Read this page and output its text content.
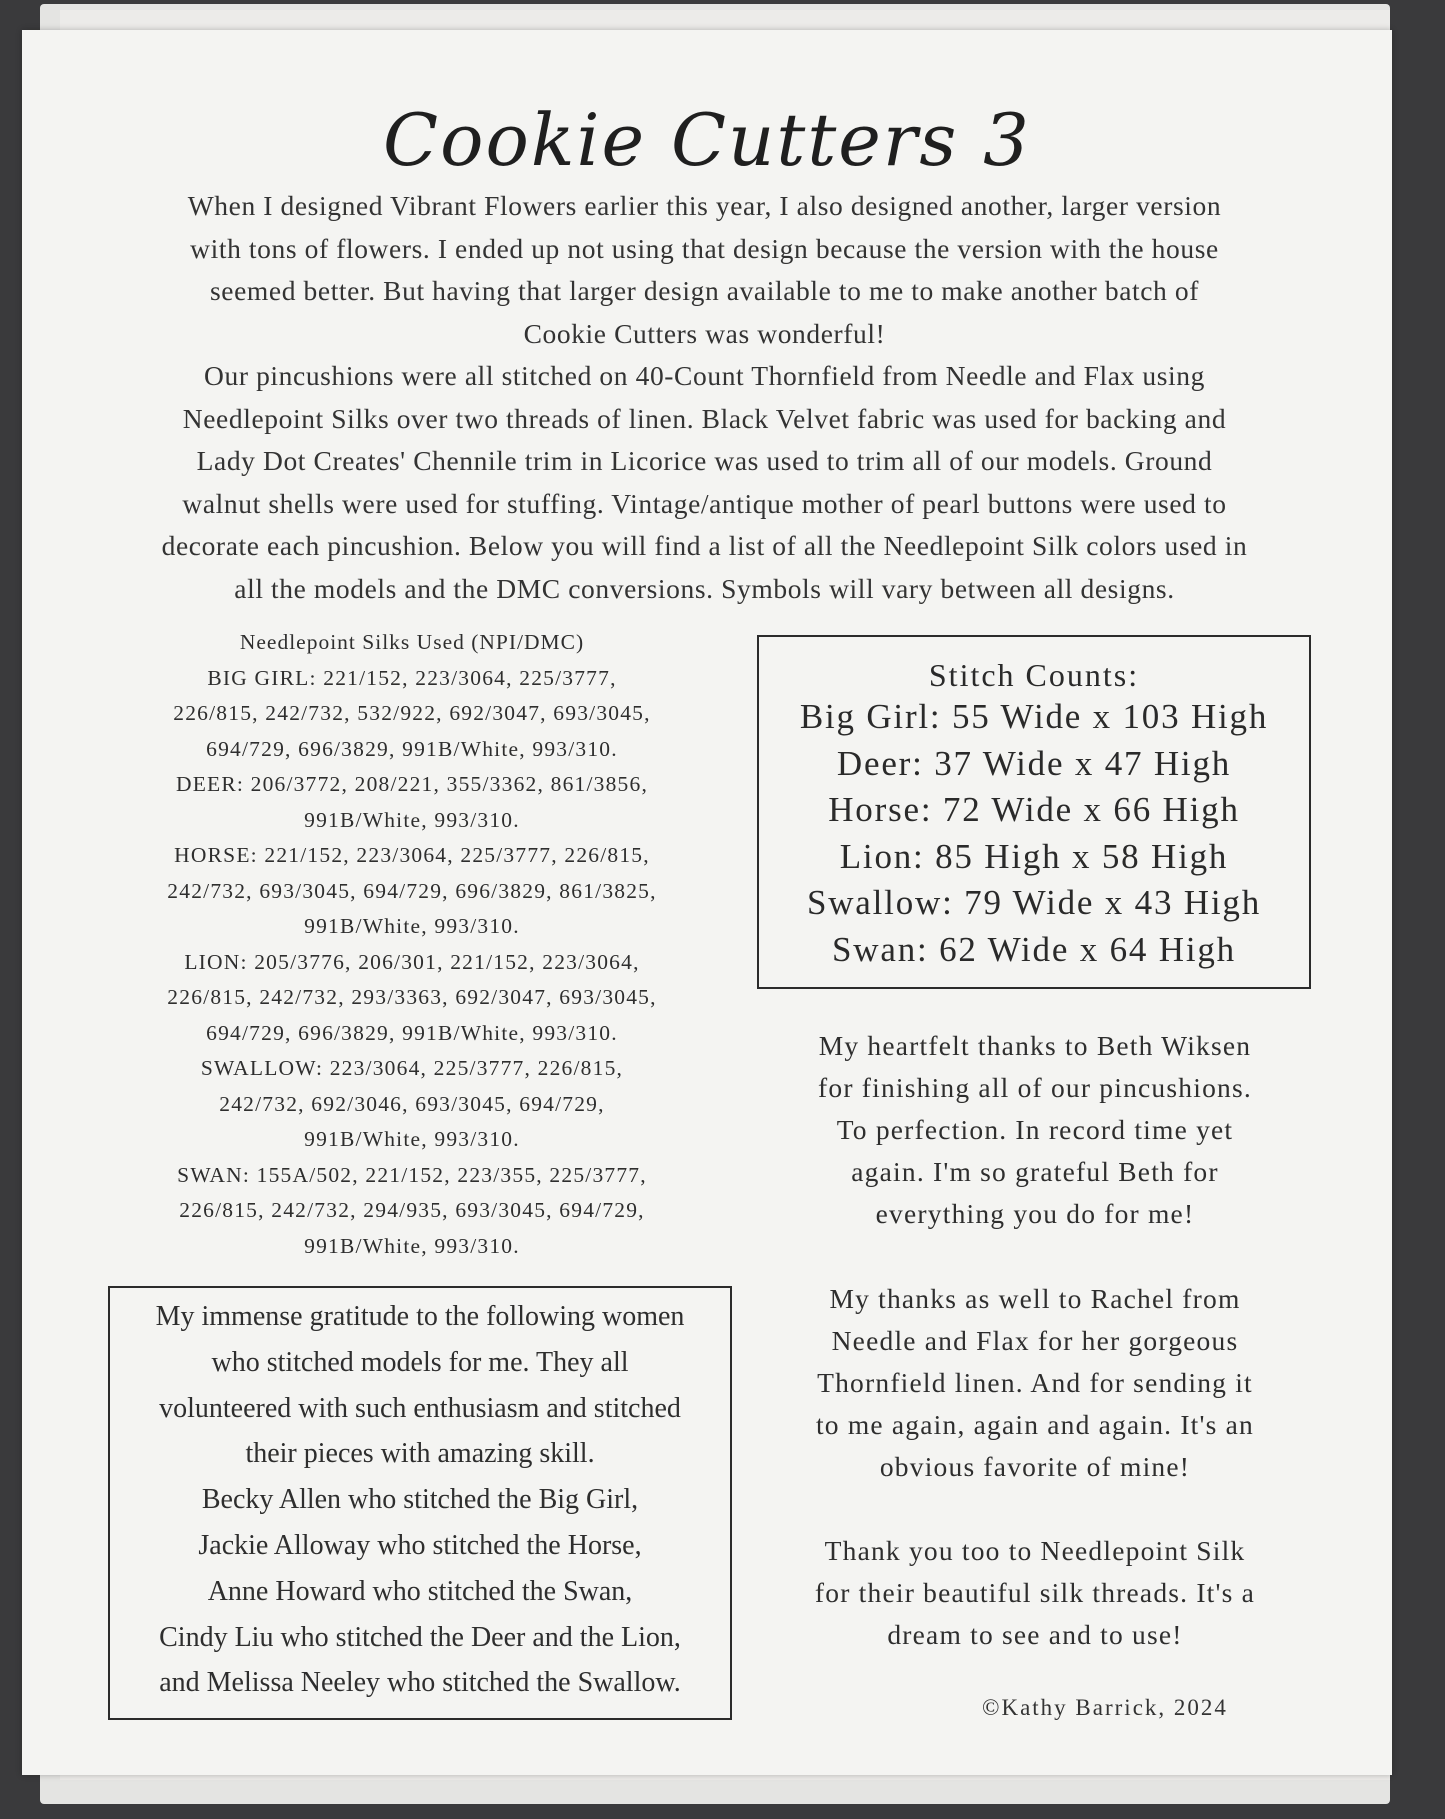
Cookie Cutters 3

When I designed Vibrant Flowers earlier this year, I also designed another, larger version

with tons of flowers. I ended up not using that design because the version with the house

seemed better. But having that larger design available to me to make another batch of

Cookie Cutters was wonderful!

Our pincushions were all stitched on 40-Count Thornfield from Needle and Flax using

Needlepoint Silks over two threads of linen. Black Velvet fabric was used for backing and

Lady Dot Creates' Chennile trim in Licorice was used to trim all of our models. Ground

walnut shells were used for stuffing. Vintage/antique mother of pearl buttons were used to

decorate each pincushion. Below you will find a list of all the Needlepoint Silk colors used in

all the models and the DMC conversions. Symbols will vary between all designs.

Needlepoint Silks Used (NPI/DMC)
BIG GIRL: 221/152, 223/3064, 225/3777,
226/815, 242/732, 532/922, 692/3047, 693/3045,
694/729, 696/3829, 991B/White, 993/310.
DEER: 206/3772, 208/221, 355/3362, 861/3856,
991B/White, 993/310.
HORSE: 221/152, 223/3064, 225/3777, 226/815,
242/732, 693/3045, 694/729, 696/3829, 861/3825,
991B/White, 993/310.
LION: 205/3776, 206/301, 221/152, 223/3064,
226/815, 242/732, 293/3363, 692/3047, 693/3045,
694/729, 696/3829, 991B/White, 993/310.
SWALLOW: 223/3064, 225/3777, 226/815,
242/732, 692/3046, 693/3045, 694/729,
991B/White, 993/310.
SWAN: 155A/502, 221/152, 223/355, 225/3777,
226/815, 242/732, 294/935, 693/3045, 694/729,
991B/White, 993/310.
Stitch Counts:
Big Girl: 55 Wide x 103 High
Deer: 37 Wide x 47 High
Horse: 72 Wide x 66 High
Lion: 85 High x 58 High
Swallow: 79 Wide x 43 High
Swan: 62 Wide x 64 High
My immense gratitude to the following women
who stitched models for me. They all
volunteered with such enthusiasm and stitched
their pieces with amazing skill.
Becky Allen who stitched the Big Girl,
Jackie Alloway who stitched the Horse,
Anne Howard who stitched the Swan,
Cindy Liu who stitched the Deer and the Lion,
and Melissa Neeley who stitched the Swallow.

My heartfelt thanks to Beth Wiksen

for finishing all of our pincushions.

To perfection. In record time yet

again. I'm so grateful Beth for

everything you do for me!

My thanks as well to Rachel from

Needle and Flax for her gorgeous

Thornfield linen. And for sending it

to me again, again and again. It's an

obvious favorite of mine!

Thank you too to Needlepoint Silk

for their beautiful silk threads. It's a

dream to see and to use!

©Kathy Barrick, 2024
